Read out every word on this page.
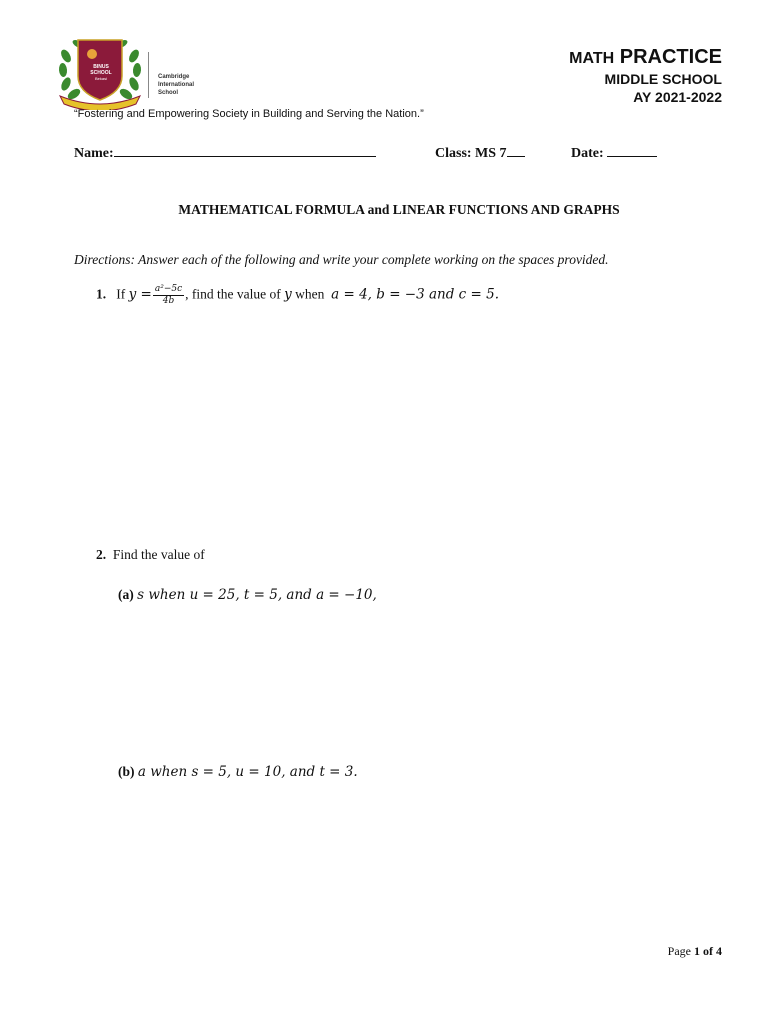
BINUS SCHOOL
Bekasi	Cambridge
International
School
MATH PRACTICE
MIDDLE SCHOOL
AY 2021-2022
“Fostering and Empowering Society in Building and Serving the Nation.”
Name:	Class: MS 7	Date:
MATHEMATICAL FORMULA and LINEAR FUNCTIONS AND GRAPHS
Directions: Answer each of the following and write your complete working on the spaces provided.
1. If $y = \frac{\text{a²−5c}}{4b}$ , find the value of y when a = 4, b = −3 and c = 5.
2. Find the value of
(a) s when u = 25, t = 5, and a = −10,
(b) a when s = 5, u = 10, and t = 3.
Page 1 of 4
